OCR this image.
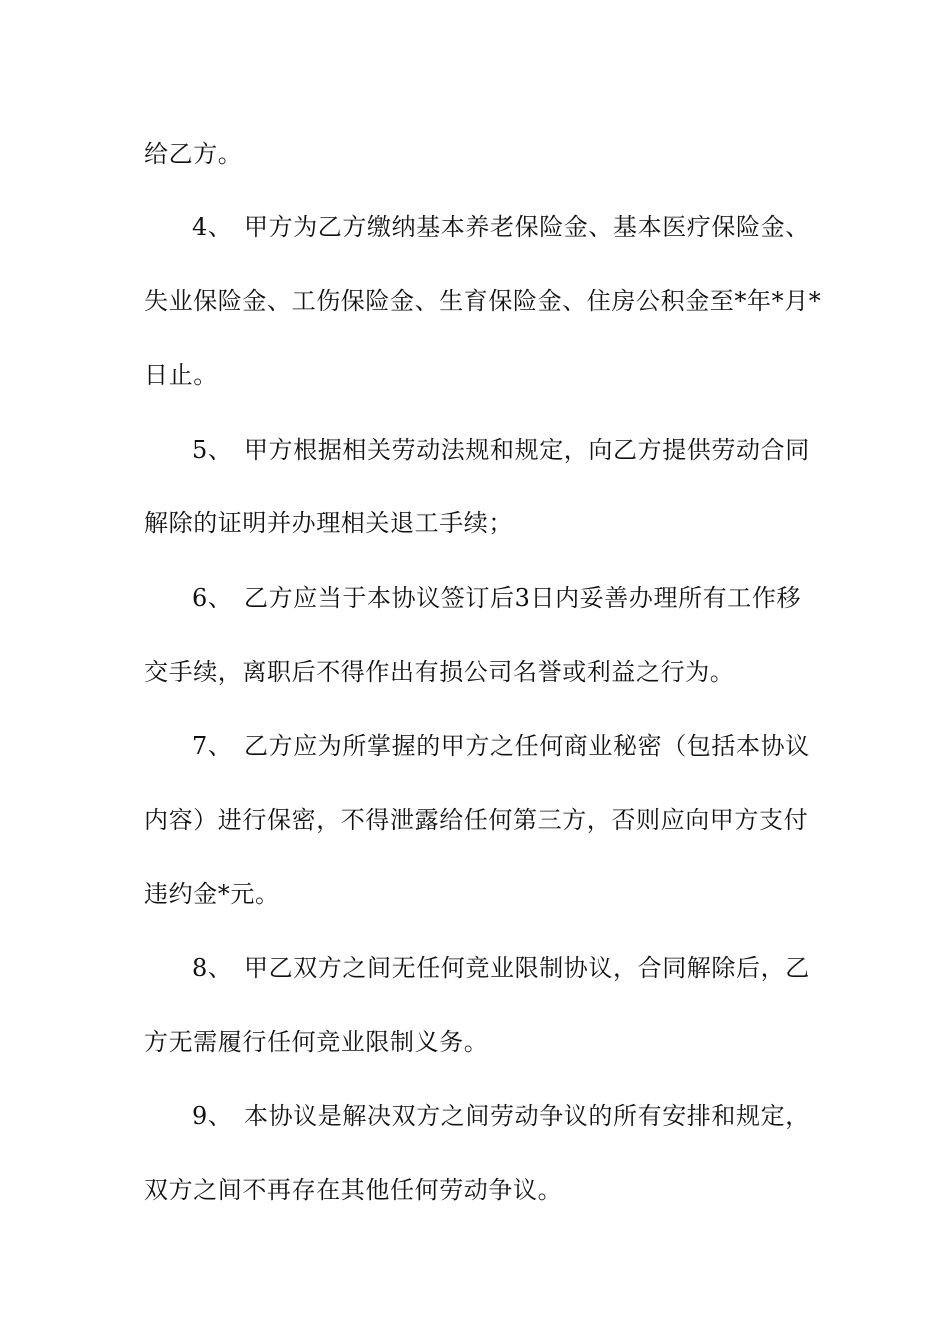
给乙方。
4、 甲方为乙方缴纳基本养老保险金、基本医疗保险金、
失业保险金、工伤保险金、生育保险金、住房公积金至*年*月*
日止。
5、 甲方根据相关劳动法规和规定，向乙方提供劳动合同
解除的证明并办理相关退工手续；
6、 乙方应当于本协议签订后3日内妥善办理所有工作移
交手续，离职后不得作出有损公司名誉或利益之行为。
7、 乙方应为所掌握的甲方之任何商业秘密（包括本协议
内容）进行保密，不得泄露给任何第三方，否则应向甲方支付
违约金*元。
8、 甲乙双方之间无任何竞业限制协议，合同解除后，乙
方无需履行任何竞业限制义务。
9、 本协议是解决双方之间劳动争议的所有安排和规定，
双方之间不再存在其他任何劳动争议。
